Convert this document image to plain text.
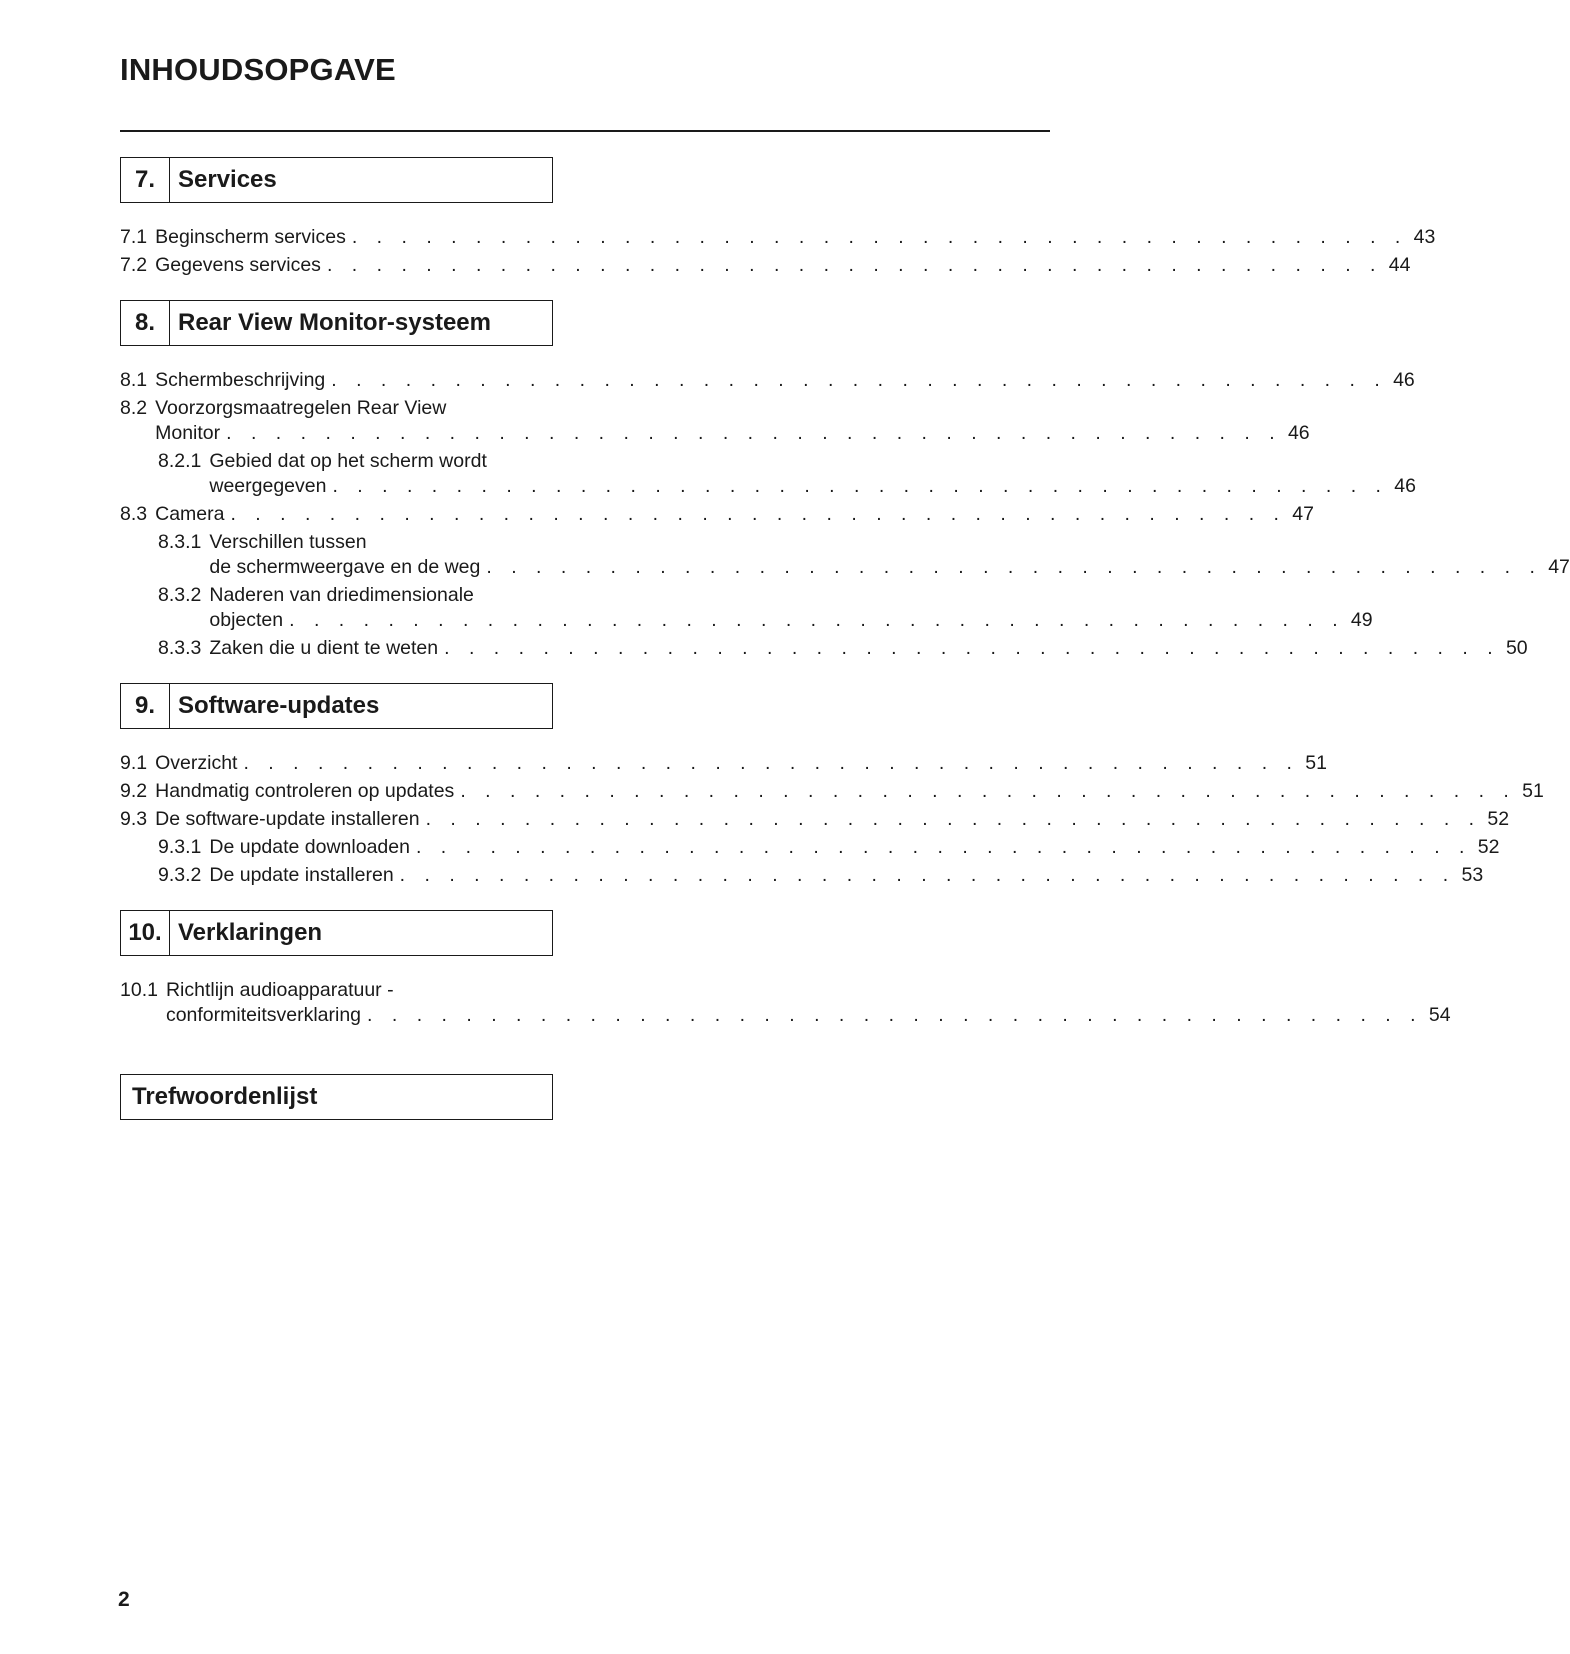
INHOUDSOPGAVE
7. Services
7.1 Beginscherm services . . .	43
7.2 Gegevens services . . .	44
8. Rear View Monitor-systeem
8.1 Schermbeschrijving . . .	46
8.2 Voorzorgsmaatregelen Rear View
Monitor . . .	46
8.2.1 Gebied dat op het scherm wordt
weergegeven . . .	46
8.3 Camera . . .	47
8.3.1 Verschillen tussen
de schermweergave en de weg . . .	47
8.3.2 Naderen van driedimensionale
objecten . . .	49
8.3.3 Zaken die u dient te weten . . .	50
9. Software-updates
9.1 Overzicht . . .	51
9.2 Handmatig controleren op updates . . .	51
9.3 De software-update installeren . . .	52
9.3.1 De update downloaden . . .	52
9.3.2 De update installeren . . .	53
10. Verklaringen
10.1 Richtlijn audioapparatuur -
conformiteitsverklaring . . .	54
Trefwoordenlijst
2
